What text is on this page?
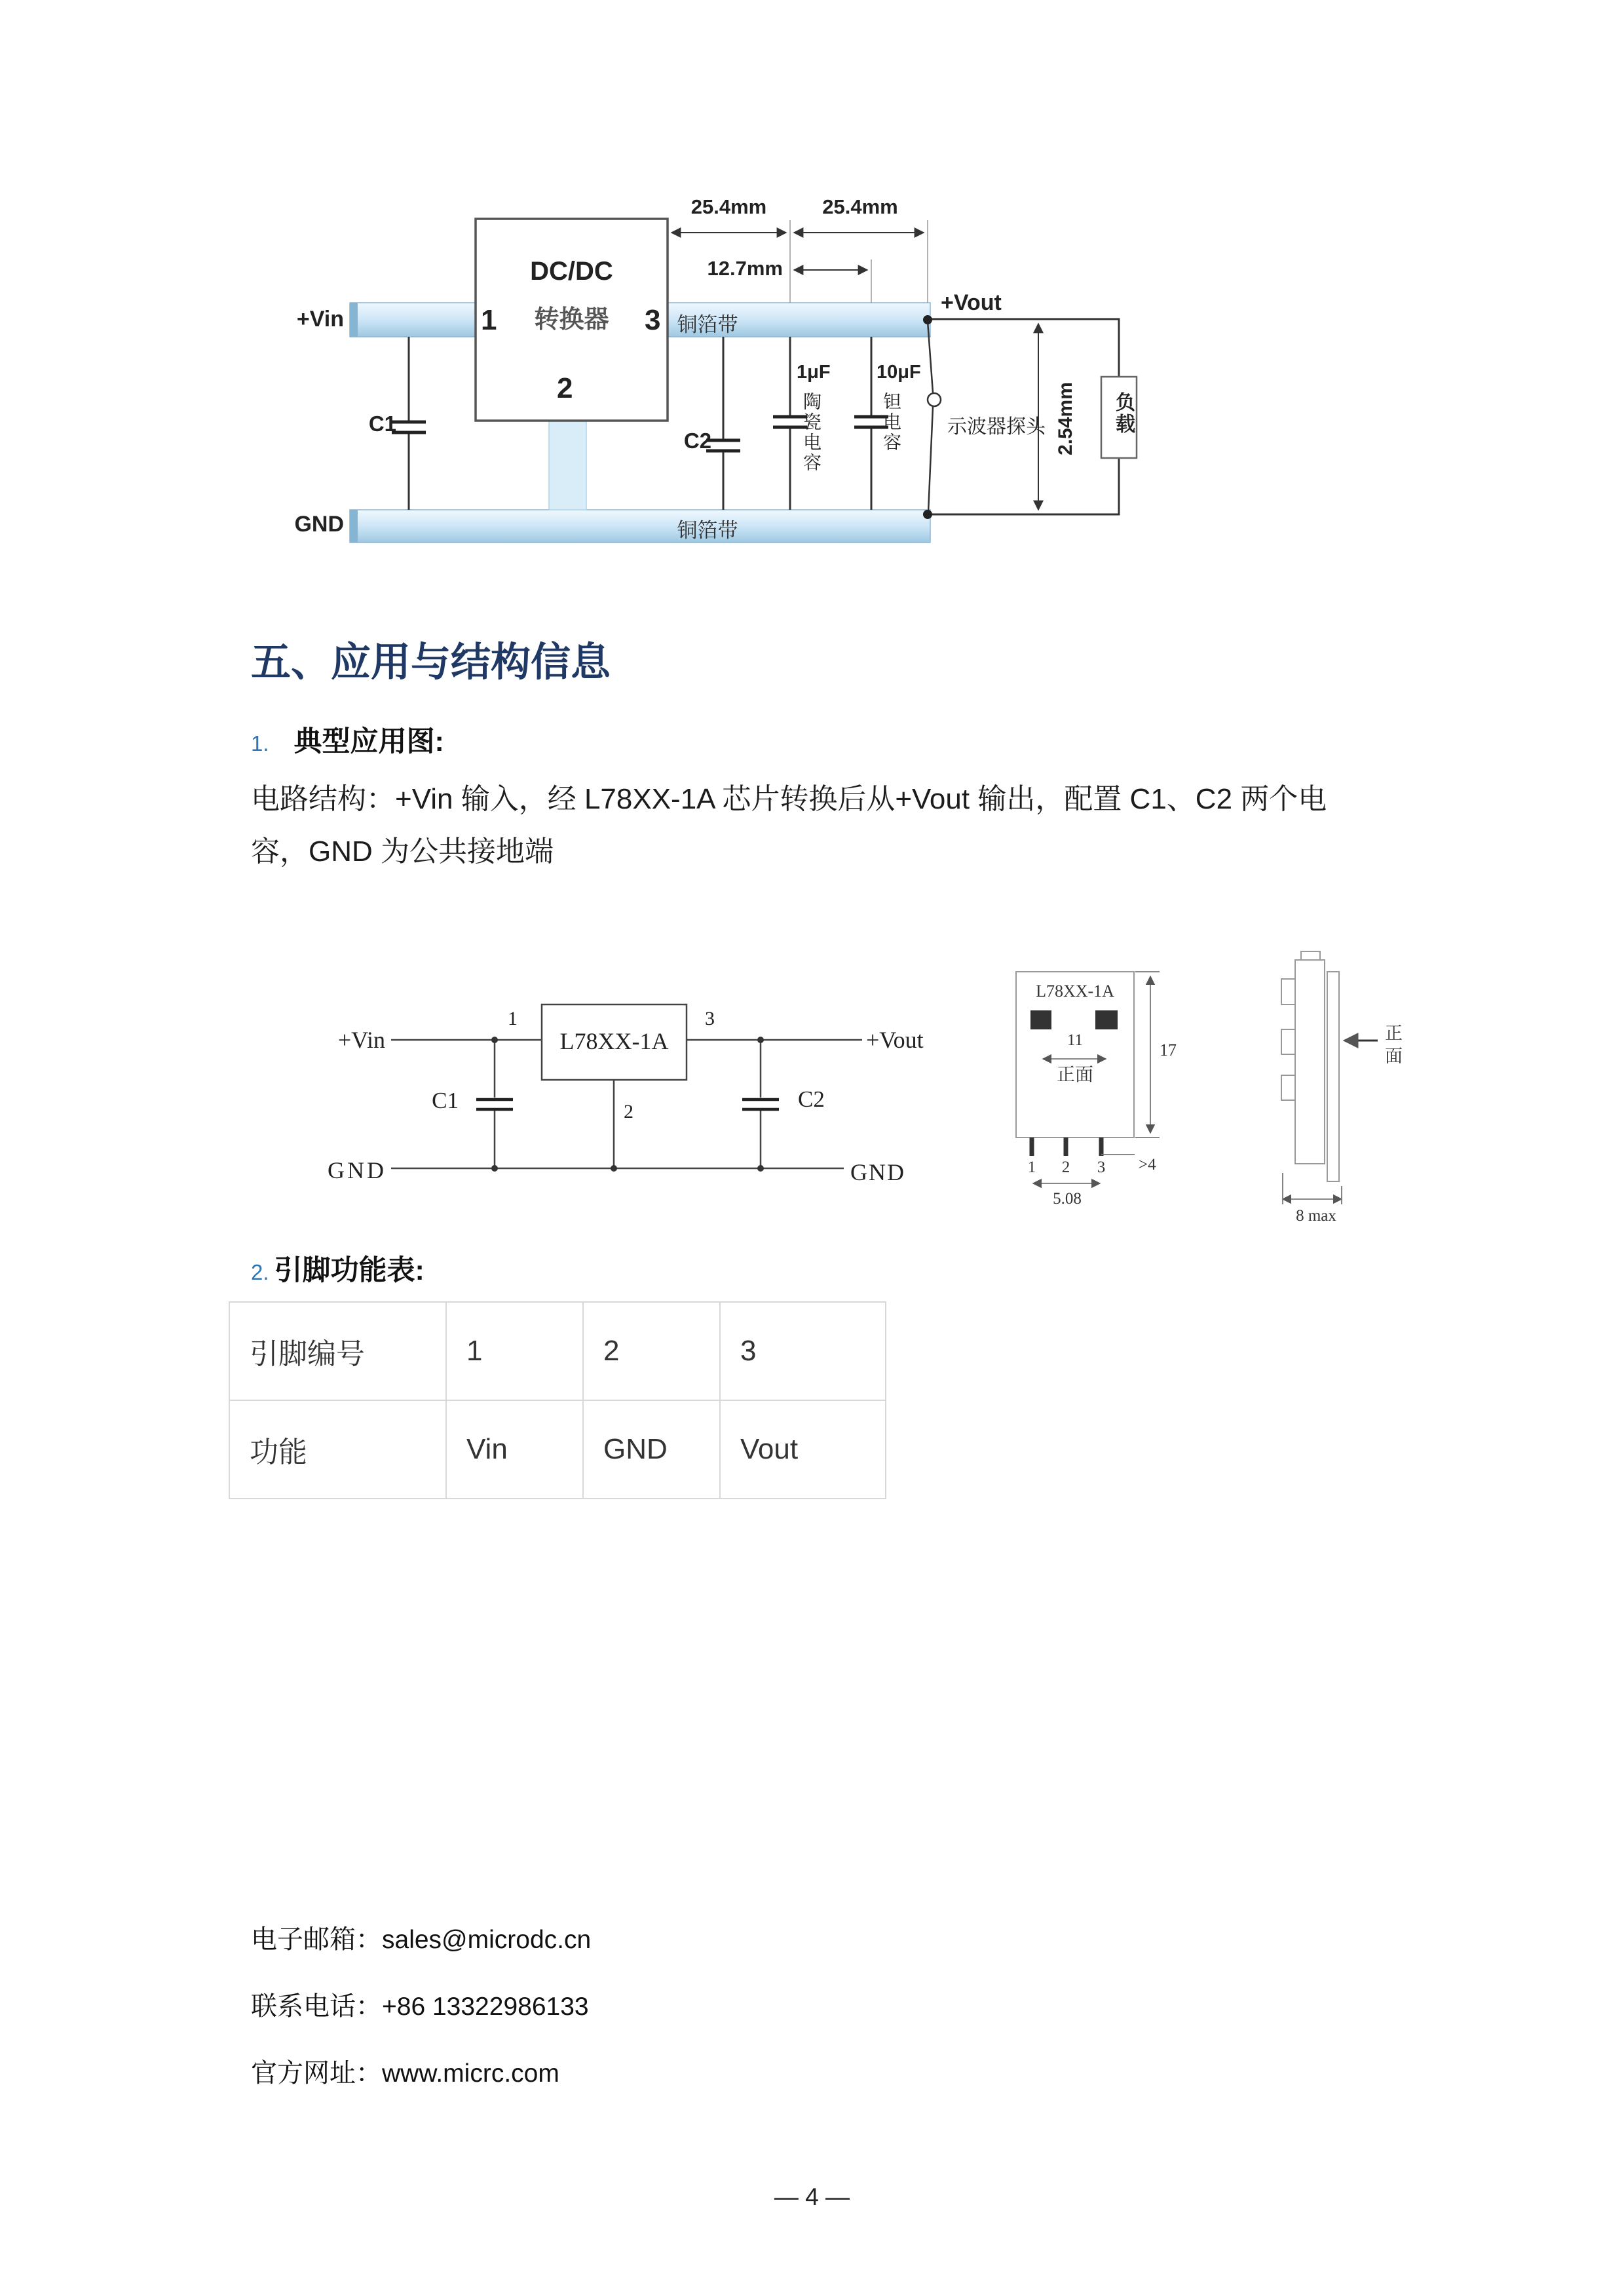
25.4mm	25.4mm
12.7mm
+Vin
GND
DC/DC
转换器
1	3
2
铜箔带
铜箔带
+Vout
C1
C2
1μF
陶瓷电容
10μF
钽电容 示波器探头 2.54mm 负载
五、应用与结构信息
1. 典型应用图:
电路结构：+Vin 输入，经 L78XX-1A 芯片转换后从+Vout 输出，配置 C1、C2 两个电
容，GND 为公共接地端
+Vin
1	3
L78XX-1A
2
+Vout
C1	C2
GND	GND
L78XX-1A
11
正面
1	2	3
5.08
>4
17
正面
8 max
2. 引脚功能表:
引脚编号	1	2	3
功能	Vin	GND	Vout
电子邮箱：sales@microdc.cn
联系电话：+86 13322986133
官方网址：www.micrc.com
— 4 —
